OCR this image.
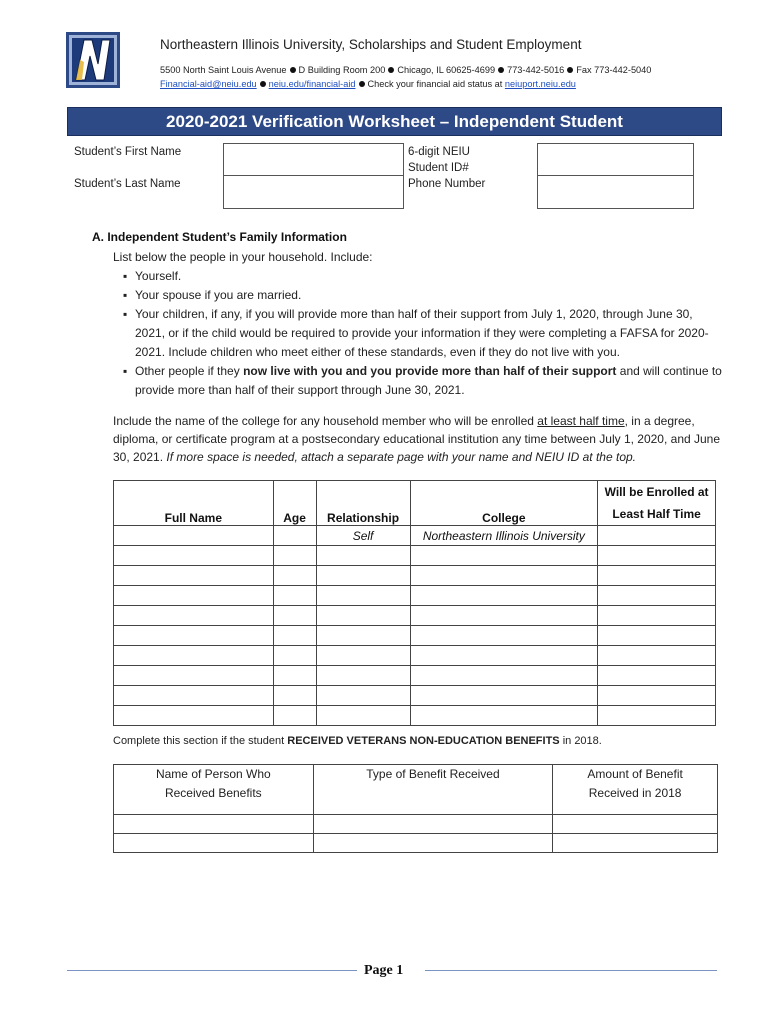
Northeastern Illinois University, Scholarships and Student Employment
5500 North Saint Louis Avenue D Building Room 200 Chicago, IL 60625-4699 773-442-5016 Fax 773-442-5040
Financial-aid@neiu.edu neiu.edu/financial-aid Check your financial aid status at neiuport.neiu.edu
2020-2021 Verification Worksheet – Independent Student
Student’s First Name
Student’s Last Name
6-digit NEIU
Student ID#
Phone Number
A. Independent Student’s Family Information
List below the people in your household. Include:
▪ Yourself.
▪ Your spouse if you are married.
▪ Your children, if any, if you will provide more than half of their support from July 1, 2020, through June 30, 2021, or if the child would be required to provide your information if they were completing a FAFSA for 2020-2021. Include children who meet either of these standards, even if they do not live with you.
▪ Other people if they now live with you and you provide more than half of their support and will continue to provide more than half of their support through June 30, 2021.
Include the name of the college for any household member who will be enrolled at least half time, in a degree, diploma, or certificate program at a postsecondary educational institution any time between July 1, 2020, and June 30, 2021. If more space is needed, attach a separate page with your name and NEIU ID at the top.
Full Name	Age	Relationship	College	Will be Enrolled at Least Half Time
		Self	Northeastern Illinois University	

Complete this section if the student RECEIVED VETERANS NON-EDUCATION BENEFITS in 2018.
Name of Person Who
Received Benefits	Type of Benefit Received	Amount of Benefit
Received in 2018

Page 1
